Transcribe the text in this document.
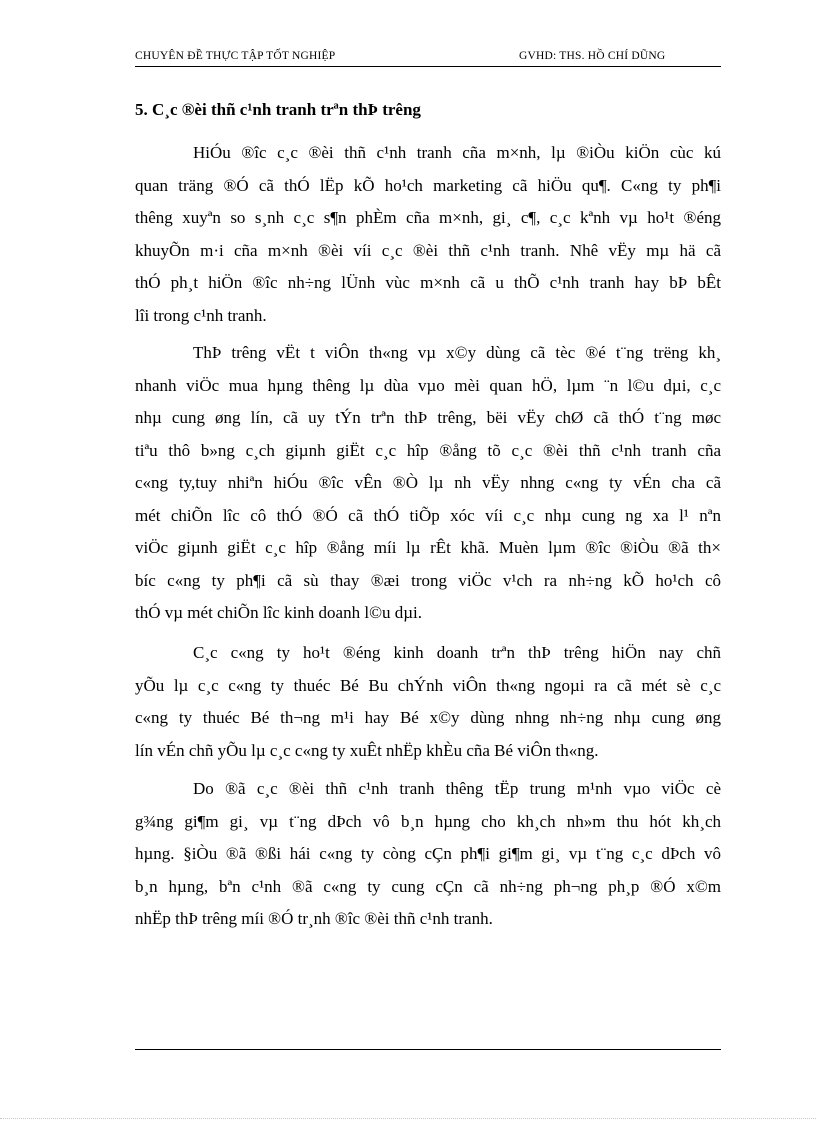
CHUYÊN ĐỀ THỰC TẬP TỐT NGHIỆP	GVHD: THS. HỒ CHÍ DŨNG
5. C¸c ®èi thñ c¹nh tranh trªn thÞ trêng
HiÓu ®îc c¸c ®èi thñ c¹nh tranh cña m×nh, lµ ®iÒu kiÖn cùc kú
quan träng ®Ó cã thÓ lËp kÕ ho¹ch marketing cã hiÖu qu¶. C«ng ty ph¶i
thêng xuyªn so s¸nh c¸c s¶n phÈm cña m×nh, gi¸ c¶, c¸c kªnh vµ ho¹t ®éng
khuyÕn m·i cña m×nh ®èi víi c¸c ®èi thñ c¹nh tranh. Nhê vËy mµ hä cã
thÓ ph¸t hiÖn ®îc nh÷ng lÜnh vùc m×nh cã u thÕ c¹nh tranh hay bÞ bÊt
lîi trong c¹nh tranh.
ThÞ trêng vËt t viÔn th«ng vµ x©y dùng cã tèc ®é t¨ng trëng kh¸
nhanh viÖc mua hµng thêng lµ dùa vµo mèi quan hÖ, lµm ¨n l©u dµi, c¸c
nhµ cung øng lín, cã uy tÝn trªn thÞ trêng, bëi vËy chØ cã thÓ t¨ng møc
tiªu thô b»ng c¸ch giµnh giËt c¸c hîp ®ång tõ c¸c ®èi thñ c¹nh tranh cña
c«ng ty,tuy nhiªn hiÓu ®îc vÊn ®Ò lµ nh vËy nhng c«ng ty vÉn cha cã
mét chiÕn lîc cô thÓ ®Ó cã thÓ tiÕp xóc víi c¸c nhµ cung ng xa l¹ nªn
viÖc giµnh giËt c¸c hîp ®ång míi lµ rÊt khã. Muèn lµm ®îc ®iÒu ®ã th×
bíc c«ng ty ph¶i cã sù thay ®æi trong viÖc v¹ch ra nh÷ng kÕ ho¹ch cô
thÓ vµ mét chiÕn lîc kinh doanh l©u dµi.
C¸c c«ng ty ho¹t ®éng kinh doanh trªn thÞ trêng hiÖn nay chñ
yÕu lµ c¸c c«ng ty thuéc Bé Bu chÝnh viÔn th«ng ngoµi ra cã mét sè c¸c
c«ng ty thuéc Bé th¬ng m¹i hay Bé x©y dùng nhng nh÷ng nhµ cung øng
lín vÉn chñ yÕu lµ c¸c c«ng ty xuÊt nhËp khÈu cña Bé viÔn th«ng.
Do ®ã c¸c ®èi thñ c¹nh tranh thêng tËp trung m¹nh vµo viÖc cè
g¾ng gi¶m gi¸ vµ t¨ng dÞch vô b¸n hµng cho kh¸ch nh»m thu hót kh¸ch
hµng. §iÒu ®ã ®ßi hái c«ng ty còng cÇn ph¶i gi¶m gi¸ vµ t¨ng c¸c dÞch vô
b¸n hµng, bªn c¹nh ®ã c«ng ty cung cÇn cã nh÷ng ph¬ng ph¸p ®Ó x©m
nhËp thÞ trêng míi ®Ó tr¸nh ®îc ®èi thñ c¹nh tranh.
